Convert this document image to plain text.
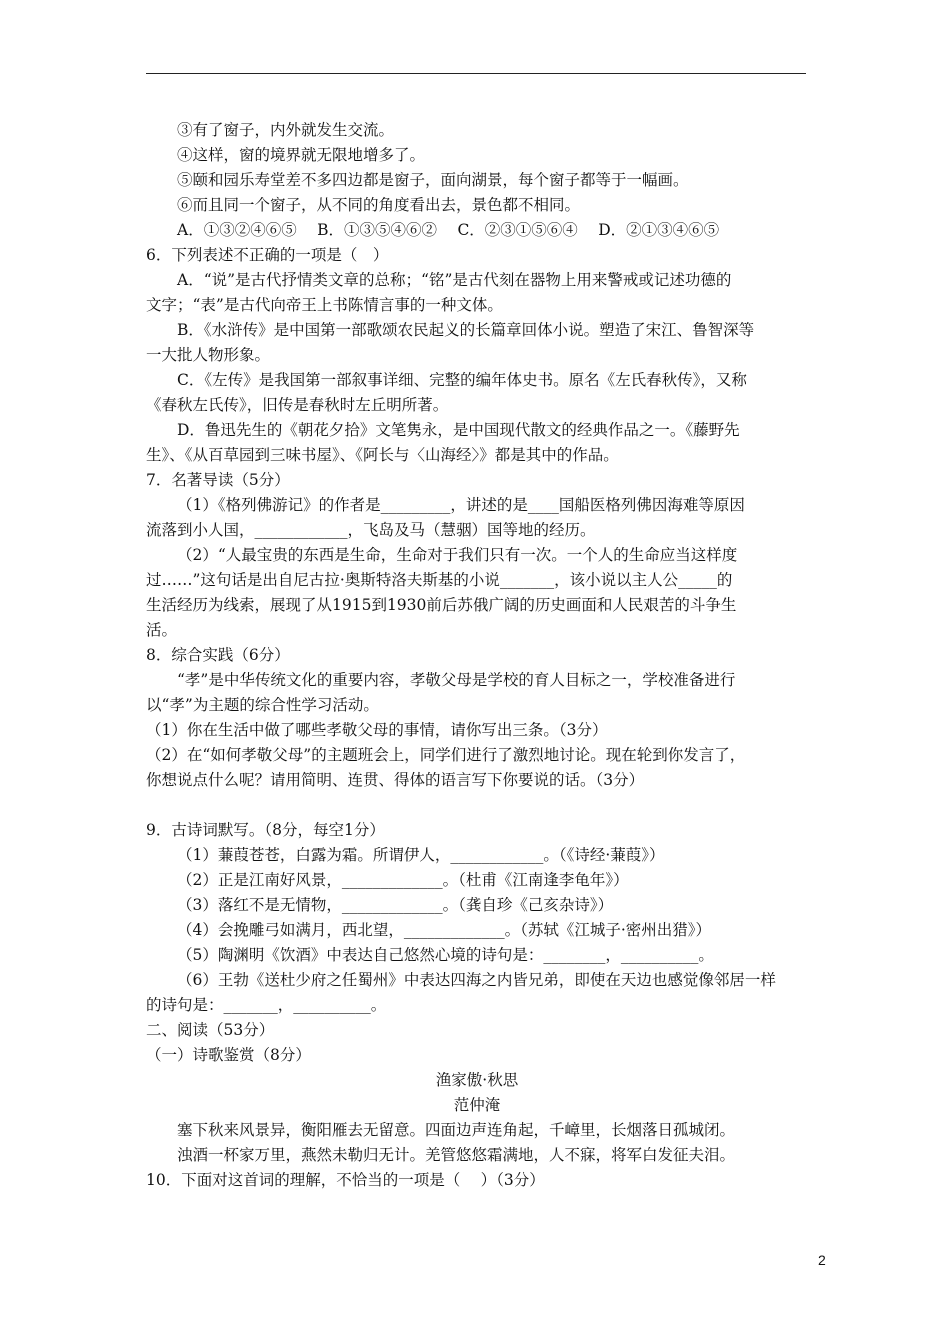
③有了窗子，内外就发生交流。

④这样，窗的境界就无限地增多了。

⑤颐和园乐寿堂差不多四边都是窗子，面向湖景，每个窗子都等于一幅画。

⑥而且同一个窗子，从不同的角度看出去，景色都不相同。

A．①③②④⑥⑤　 B．①③⑤④⑥②　 C．②③①⑤⑥④　 D．②①③④⑥⑤

6．下列表述不正确的一项是（　）

A．“说”是古代抒情类文章的总称；“铭”是古代刻在器物上用来警戒或记述功德的

文字；“表”是古代向帝王上书陈情言事的一种文体。

B．《水浒传》是中国第一部歌颂农民起义的长篇章回体小说。塑造了宋江、鲁智深等

一大批人物形象。

C．《左传》是我国第一部叙事详细、完整的编年体史书。原名《左氏春秋传》，又称

《春秋左氏传》，旧传是春秋时左丘明所著。

D．鲁迅先生的《朝花夕拾》文笔隽永，是中国现代散文的经典作品之一。《藤野先

生》、《从百草园到三味书屋》、《阿长与〈山海经〉》都是其中的作品。

7．名著导读（5分）

（1）《格列佛游记》的作者是_________，讲述的是____国船医格列佛因海难等原因

流落到小人国，____________，飞岛及马（慧骃）国等地的经历。

（2）“人最宝贵的东西是生命，生命对于我们只有一次。一个人的生命应当这样度

过……”这句话是出自尼古拉·奥斯特洛夫斯基的小说_______，该小说以主人公_____的

生活经历为线索，展现了从1915到1930前后苏俄广阔的历史画面和人民艰苦的斗争生

活。

8．综合实践（6分）

“孝”是中华传统文化的重要内容，孝敬父母是学校的育人目标之一，学校准备进行

以“孝”为主题的综合性学习活动。

（1）你在生活中做了哪些孝敬父母的事情，请你写出三条。（3分）

（2）在“如何孝敬父母”的主题班会上，同学们进行了激烈地讨论。现在轮到你发言了，

你想说点什么呢？请用简明、连贯、得体的语言写下你要说的话。（3分）

9．古诗词默写。（8分，每空1分）

（1）蒹葭苍苍，白露为霜。所谓伊人，____________。（《诗经·蒹葭》）

（2）正是江南好风景，_____________。（杜甫《江南逢李龟年》）

（3）落红不是无情物，_____________。（龚自珍《己亥杂诗》）

（4）会挽雕弓如满月，西北望，_____________。（苏轼《江城子·密州出猎》）

（5）陶渊明《饮酒》中表达自己悠然心境的诗句是：________，__________。

（6）王勃《送杜少府之任蜀州》中表达四海之内皆兄弟，即使在天边也感觉像邻居一样

的诗句是：_______，__________。

二、阅读（53分）

（一）诗歌鉴赏（8分）

渔家傲·秋思

范仲淹

塞下秋来风景异，衡阳雁去无留意。四面边声连角起，千嶂里，长烟落日孤城闭。

浊酒一杯家万里，燕然未勒归无计。羌管悠悠霜满地，人不寐，将军白发征夫泪。

10．下面对这首词的理解，不恰当的一项是（　 ）（3分）

2
